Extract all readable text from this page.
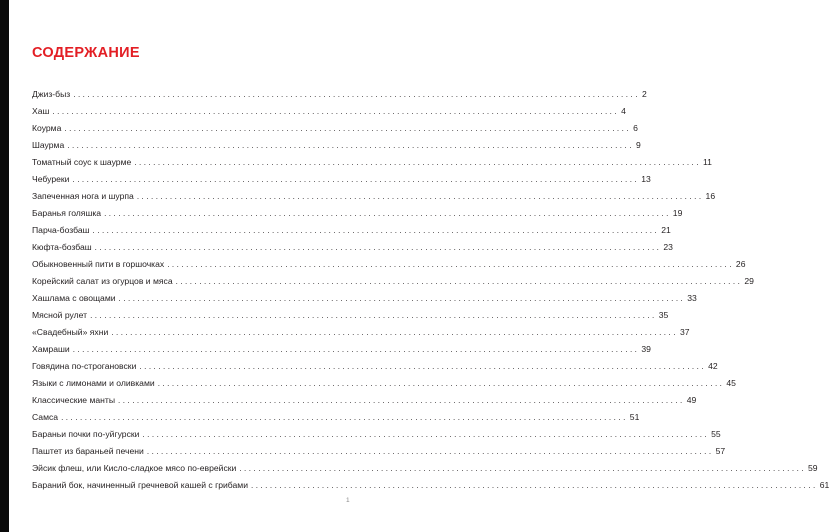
СОДЕРЖАНИЕ
Джиз-быз ........................................................................................................................ 2
Хаш ........................................................................................................................ 4
Коурма ........................................................................................................................ 6
Шаурма ........................................................................................................................ 9
Томатный соус к шаурме ........................................................................................................................ 11
Чебуреки ........................................................................................................................ 13
Запеченная нога и шурпа ........................................................................................................................ 16
Баранья голяшка ........................................................................................................................ 19
Парча-бозбаш ........................................................................................................................ 21
Кюфта-бозбаш ........................................................................................................................ 23
Обыкновенный пити в горшочках ........................................................................................................................ 26
Корейский салат из огурцов и мяса ........................................................................................................................ 29
Хашлама с овощами ........................................................................................................................ 33
Мясной рулет ........................................................................................................................ 35
«Свадебный» яхни ........................................................................................................................ 37
Хамраши ........................................................................................................................ 39
Говядина по-строгановски ........................................................................................................................ 42
Языки с лимонами и оливками ........................................................................................................................ 45
Классические манты ........................................................................................................................ 49
Самса ........................................................................................................................ 51
Бараньи почки по-уйгурски ........................................................................................................................ 55
Паштет из бараньей печени ........................................................................................................................ 57
Эйсик флеш, или Кисло-сладкое мясо по-еврейски ........................................................................................................................ 59
Бараний бок, начиненный гречневой кашей с грибами ........................................................................................................................ 61
1
